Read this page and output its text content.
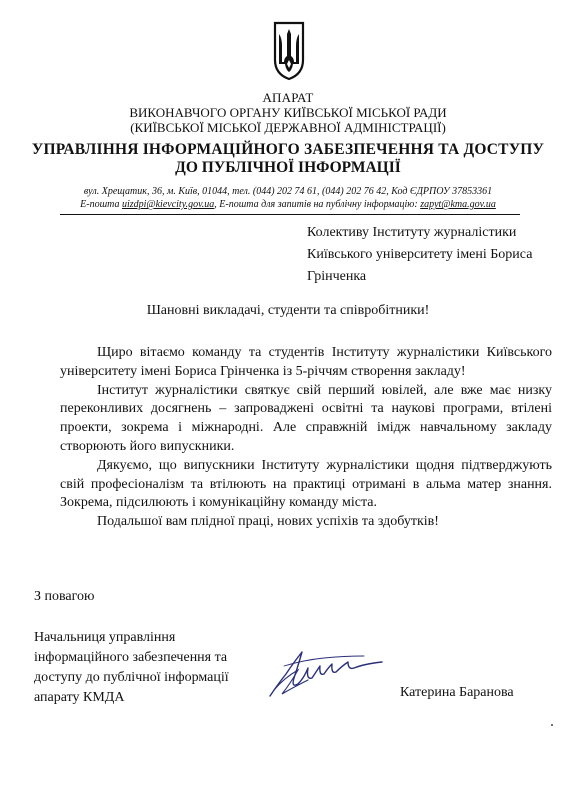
АПАРАТ
ВИКОНАВЧОГО ОРГАНУ КИЇВСЬКОЇ МІСЬКОЇ РАДИ
(КИЇВСЬКОЇ МІСЬКОЇ ДЕРЖАВНОЇ АДМІНІСТРАЦІЇ)
УПРАВЛІННЯ ІНФОРМАЦІЙНОГО ЗАБЕЗПЕЧЕННЯ ТА ДОСТУПУ
ДО ПУБЛІЧНОЇ ІНФОРМАЦІЇ
вул. Хрещатик, 36, м. Київ, 01044, тел. (044) 202 74 61, (044) 202 76 42, Код ЄДРПОУ 37853361
E-пошта uizdpi@kievcity.gov.ua, E-пошта для запитів на публічну інформацію: zapyt@kma.gov.ua
Колективу Інституту журналістики
Київського університету імені Бориса
Грінченка
Шановні викладачі, студенти та співробітники!

Щиро вітаємо команду та студентів Інституту журналістики Київського університету імені Бориса Грінченка із 5-річчям створення закладу!

Інститут журналістики святкує свій перший ювілей, але вже має низку переконливих досягнень – запроваджені освітні та наукові програми, втілені проекти, зокрема і міжнародні. Але справжній імідж навчальному закладу створюють його випускники.

Дякуємо, що випускники Інституту журналістики щодня підтверджують свій професіоналізм та втілюють на практиці отримані в альма матер знання. Зокрема, підсилюють і комунікаційну команду міста.

Подальшої вам плідної праці, нових успіхів та здобутків!

З повагою
Начальниця управління
інформаційного забезпечення та
доступу до публічної інформації
апарату КМДА	Катерина Баранова
